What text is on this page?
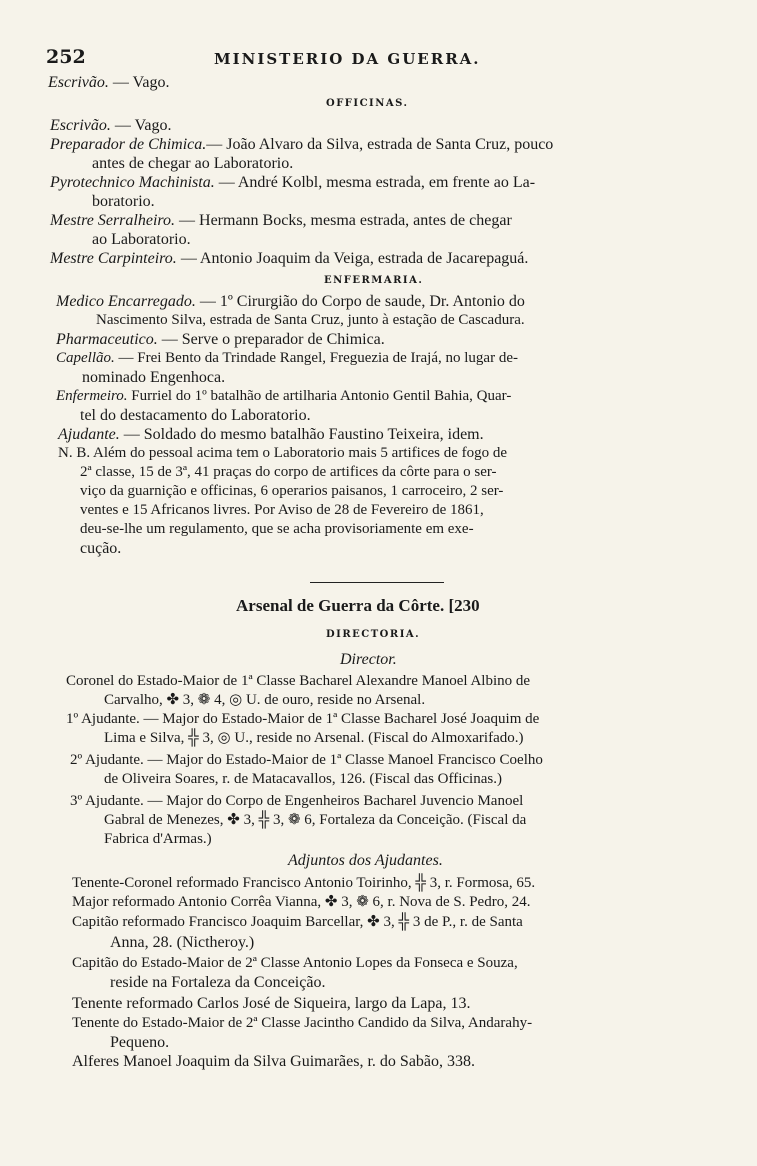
252	MINISTERIO DA GUERRA.
Escrivão. — Vago.
OFFICINAS.
Escrivão. — Vago.
Preparador de Chimica.— João Alvaro da Silva, estrada de Santa Cruz, pouco
antes de chegar ao Laboratorio.
Pyrotechnico Machinista. — André Kolbl, mesma estrada, em frente ao La-
boratorio.
Mestre Serralheiro. — Hermann Bocks, mesma estrada, antes de chegar
ao Laboratorio.
Mestre Carpinteiro. — Antonio Joaquim da Veiga, estrada de Jacarepaguá.
ENFERMARIA.
Medico Encarregado. — 1º Cirurgião do Corpo de saude, Dr. Antonio do
Nascimento Silva, estrada de Santa Cruz, junto à estação de Cascadura.
Pharmaceutico. — Serve o preparador de Chimica.
Capellão. — Frei Bento da Trindade Rangel, Freguezia de Irajá, no lugar de-
nominado Engenhoca.
Enfermeiro. Furriel do 1º batalhão de artilharia Antonio Gentil Bahia, Quar-
tel do destacamento do Laboratorio.
Ajudante. — Soldado do mesmo batalhão Faustino Teixeira, idem.
N. B. Além do pessoal acima tem o Laboratorio mais 5 artifices de fogo de
2ª classe, 15 de 3ª, 41 praças do corpo de artifices da côrte para o ser-
viço da guarnição e officinas, 6 operarios paisanos, 1 carroceiro, 2 ser-
ventes e 15 Africanos livres. Por Aviso de 28 de Fevereiro de 1861,
deu-se-lhe um regulamento, que se acha provisoriamente em exe-
cução.
Arsenal de Guerra da Côrte. [230
DIRECTORIA.
Director.
Coronel do Estado-Maior de 1ª Classe Bacharel Alexandre Manoel Albino de
Carvalho, ✤ 3, ❁ 4, ◎ U. de ouro, reside no Arsenal.
1º Ajudante. — Major do Estado-Maior de 1ª Classe Bacharel José Joaquim de
Lima e Silva, ╬ 3, ◎ U., reside no Arsenal. (Fiscal do Almoxarifado.)
2º Ajudante. — Major do Estado-Maior de 1ª Classe Manoel Francisco Coelho
de Oliveira Soares, r. de Matacavallos, 126. (Fiscal das Officinas.)
3º Ajudante. — Major do Corpo de Engenheiros Bacharel Juvencio Manoel
Gabral de Menezes, ✤ 3, ╬ 3, ❁ 6, Fortaleza da Conceição. (Fiscal da
Fabrica d'Armas.)
Adjuntos dos Ajudantes.
Tenente-Coronel reformado Francisco Antonio Toirinho, ╬ 3, r. Formosa, 65.
Major reformado Antonio Corrêa Vianna, ✤ 3, ❁ 6, r. Nova de S. Pedro, 24.
Capitão reformado Francisco Joaquim Barcellar, ✤ 3, ╬ 3 de P., r. de Santa
Anna, 28. (Nictheroy.)
Capitão do Estado-Maior de 2ª Classe Antonio Lopes da Fonseca e Souza,
reside na Fortaleza da Conceição.
Tenente reformado Carlos José de Siqueira, largo da Lapa, 13.
Tenente do Estado-Maior de 2ª Classe Jacintho Candido da Silva, Andarahy-
Pequeno.
Alferes Manoel Joaquim da Silva Guimarães, r. do Sabão, 338.
